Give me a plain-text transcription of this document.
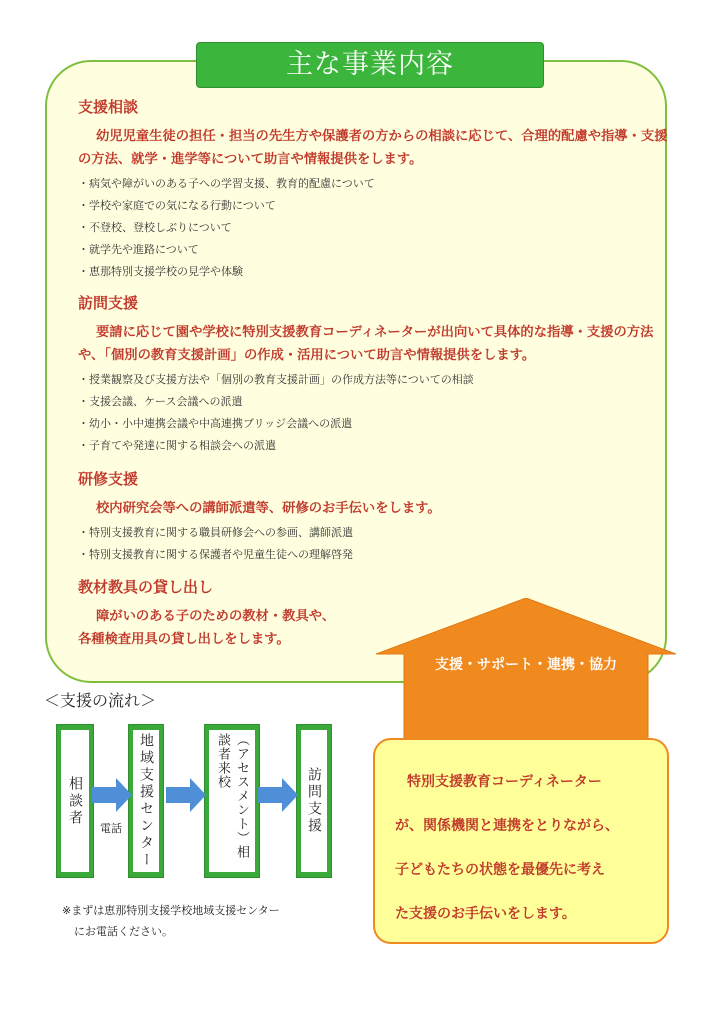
主な事業内容

支援相談

幼児児童生徒の担任・担当の先生方や保護者の方からの相談に応じて、合理的配慮や指導・支援の方法、就学・進学等について助言や情報提供をします。

・病気や障がいのある子への学習支援、教育的配慮について
・学校や家庭での気になる行動について
・不登校、登校しぶりについて
・就学先や進路について
・恵那特別支援学校の見学や体験

訪問支援

要請に応じて園や学校に特別支援教育コーディネーターが出向いて具体的な指導・支援の方法や、「個別の教育支援計画」の作成・活用について助言や情報提供をします。

・授業観察及び支援方法や「個別の教育支援計画」の作成方法等についての相談
・支援会議、ケース会議への派遣
・幼小・小中連携会議や中高連携ブリッジ会議への派遣
・子育てや発達に関する相談会への派遣

研修支援

校内研究会等への講師派遣等、研修のお手伝いをします。

・特別支援教育に関する職員研修会への参画、講師派遣
・特別支援教育に関する保護者や児童生徒への理解啓発

教材教具の貸し出し

障がいのある子のための教材・教具や、
各種検査用具の貸し出しをします。

支援・サポート・連携・協力

特別支援教育コーディネーター

が、関係機関と連携をとりながら、

子どもたちの状態を最優先に考え

た支援のお手伝いをします。

＜支援の流れ＞
相談者	地域支援センター	（アセスメント）相談者来校
訪問支援
電話
※まずは恵那特別支援学校地域支援センター
にお電話ください。
